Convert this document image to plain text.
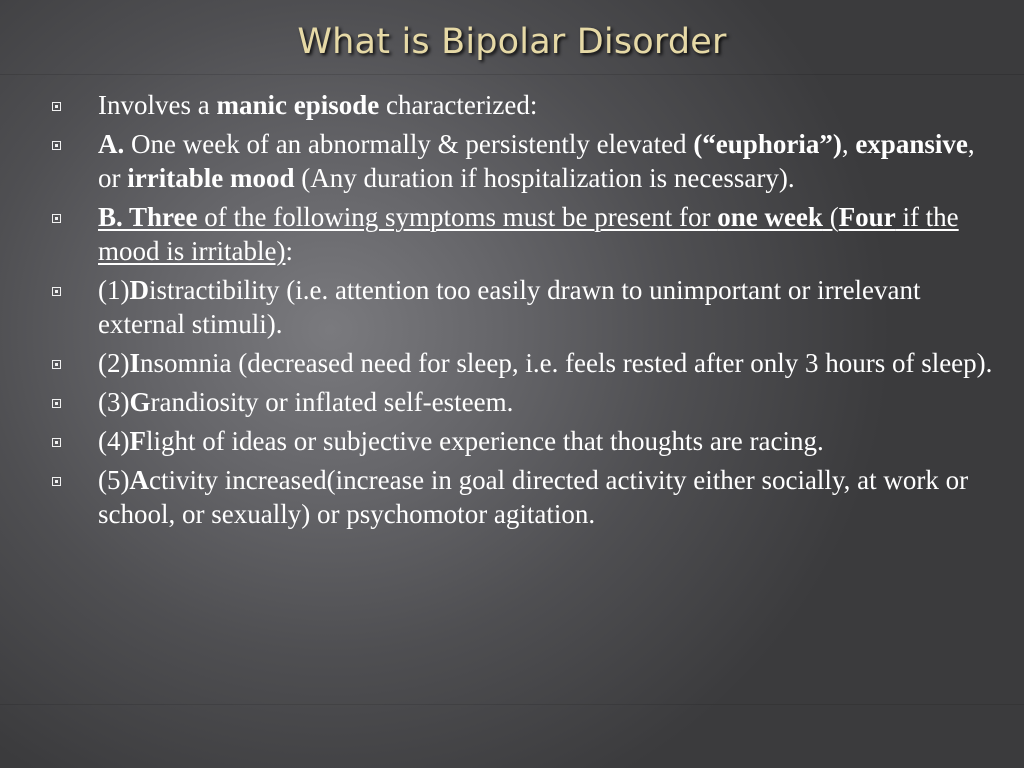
What is Bipolar Disorder
Involves a manic episode characterized:
A. One week of an abnormally & persistently elevated (“euphoria”), expansive, or irritable mood (Any duration if hospitalization is necessary).
B. Three of the following symptoms must be present for one week (Four if the mood is irritable):
(1)Distractibility (i.e. attention too easily drawn to unimportant or irrelevant external stimuli).
(2)Insomnia (decreased need for sleep, i.e. feels rested after only 3 hours of sleep).
(3)Grandiosity or inflated self-esteem.
(4)Flight of ideas or subjective experience that thoughts are racing.
(5)Activity increased(increase in goal directed activity either socially, at work or school, or sexually) or psychomotor agitation.
